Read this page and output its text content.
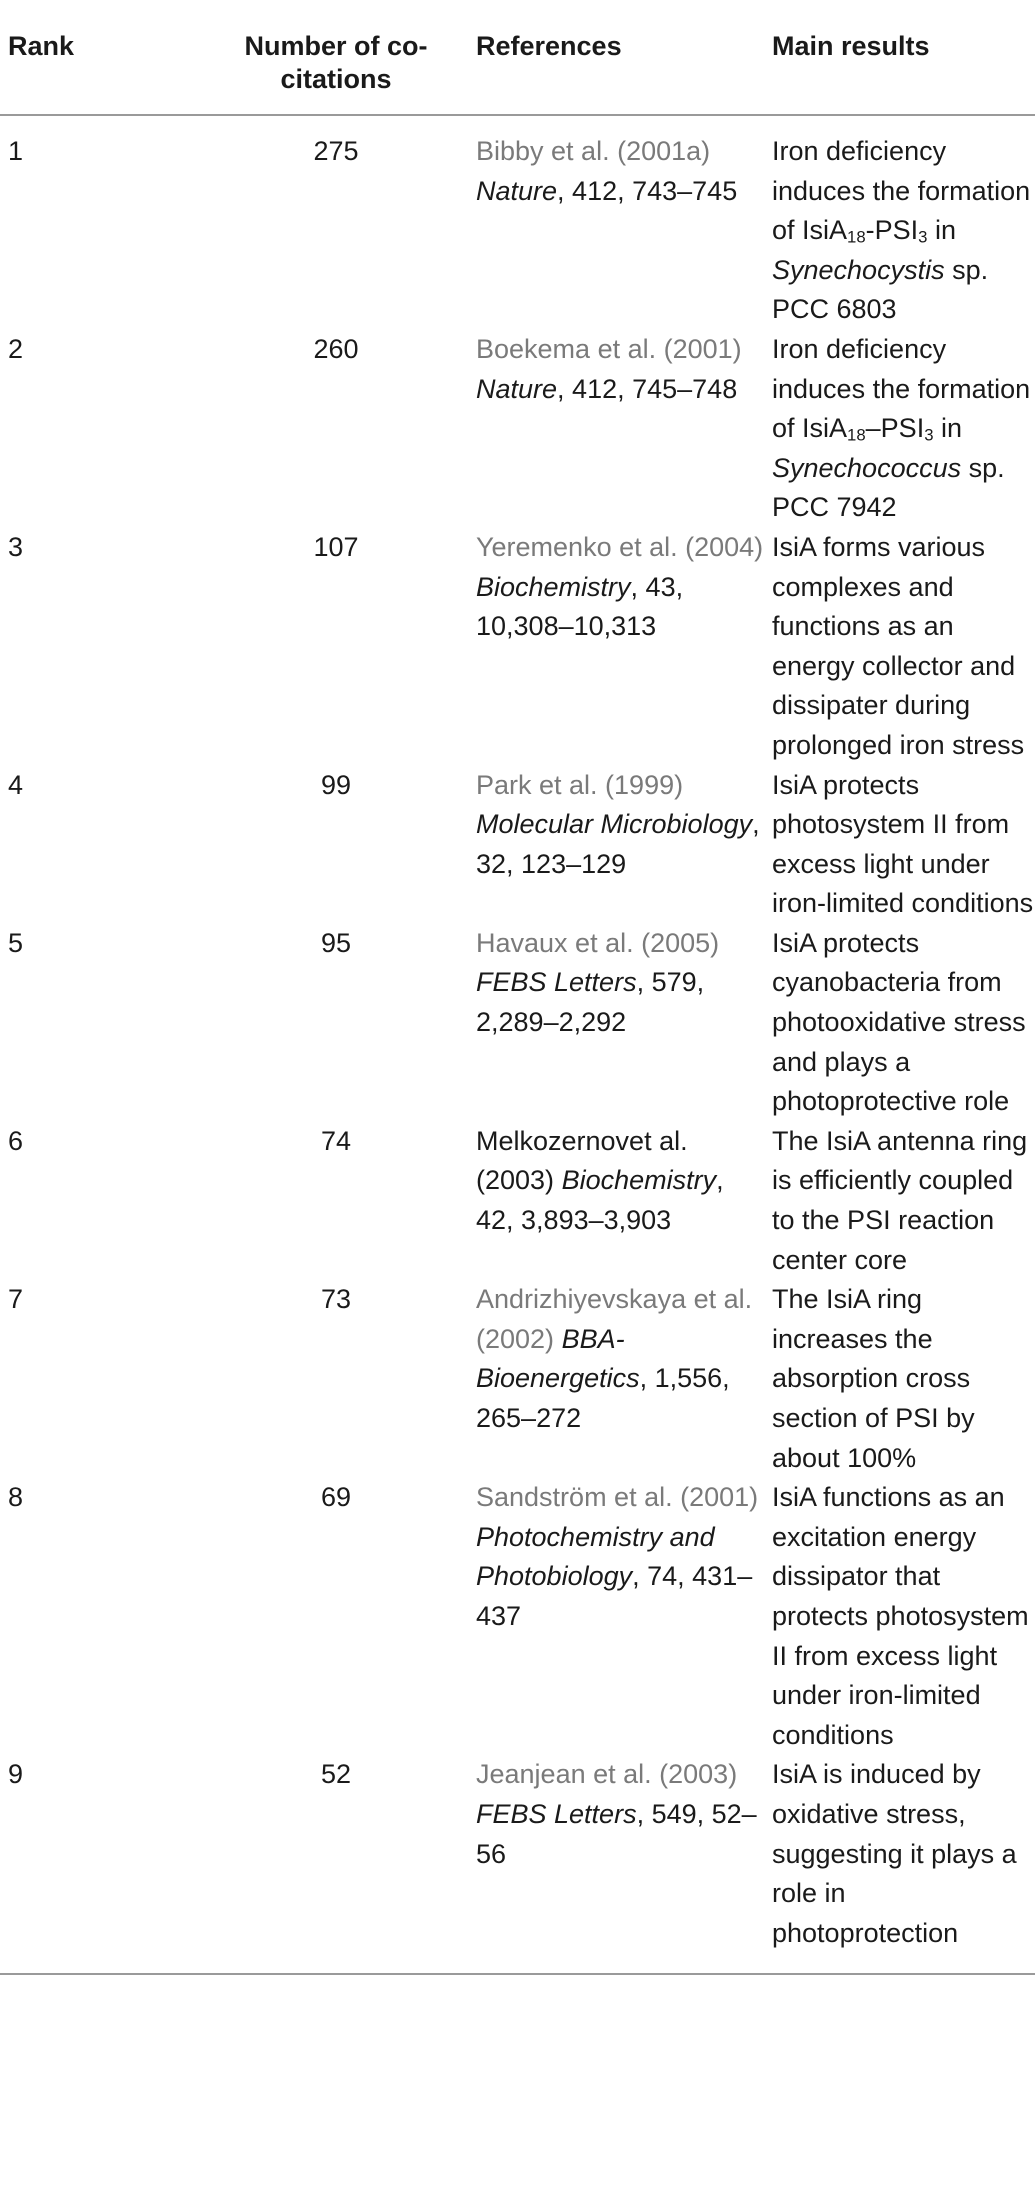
Rank	Number of co-citations	References	Main results
1	275	Bibby et al. (2001a) Nature, 412, 743–745	Iron deficiency induces the formation of $IsiA_{18}-PSI_3$ in Synechocystis sp. PCC 6803
2	260	Boekema et al. (2001) Nature, 412, 745–748	Iron deficiency induces the formation of $IsiA_{18}-PSI_3$ in Synechococcus sp. PCC 7942
3	107	Yeremenko et al. (2004) Biochemistry, 43, 10,308–10,313	IsiA forms various complexes and functions as an energy collector and dissipater during prolonged iron stress
4	99	Park et al. (1999) Molecular Microbiology, 32, 123–129	IsiA protects photosystem II from excess light under iron-limited conditions
5	95	Havaux et al. (2005) FEBS Letters, 579, 2,289–2,292	IsiA protects cyanobacteria from photooxidative stress and plays a photoprotective role
6	74	Melkozernovet al. (2003) Biochemistry, 42, 3,893–3,903	The IsiA antenna ring is efficiently coupled to the PSI reaction center core
7	73	Andrizhiyevskaya et al. (2002) BBA-Bioenergetics, 1,556, 265–272	The IsiA ring increases the absorption cross section of PSI by about 100%
8	69	Sandström et al. (2001) Photochemistry and Photobiology, 74, 431–437	IsiA functions as an excitation energy dissipator that protects photosystem II from excess light under iron-limited conditions
9	52	Jeanjean et al. (2003) FEBS Letters, 549, 52–56	IsiA is induced by oxidative stress, suggesting it plays a role in photoprotection
